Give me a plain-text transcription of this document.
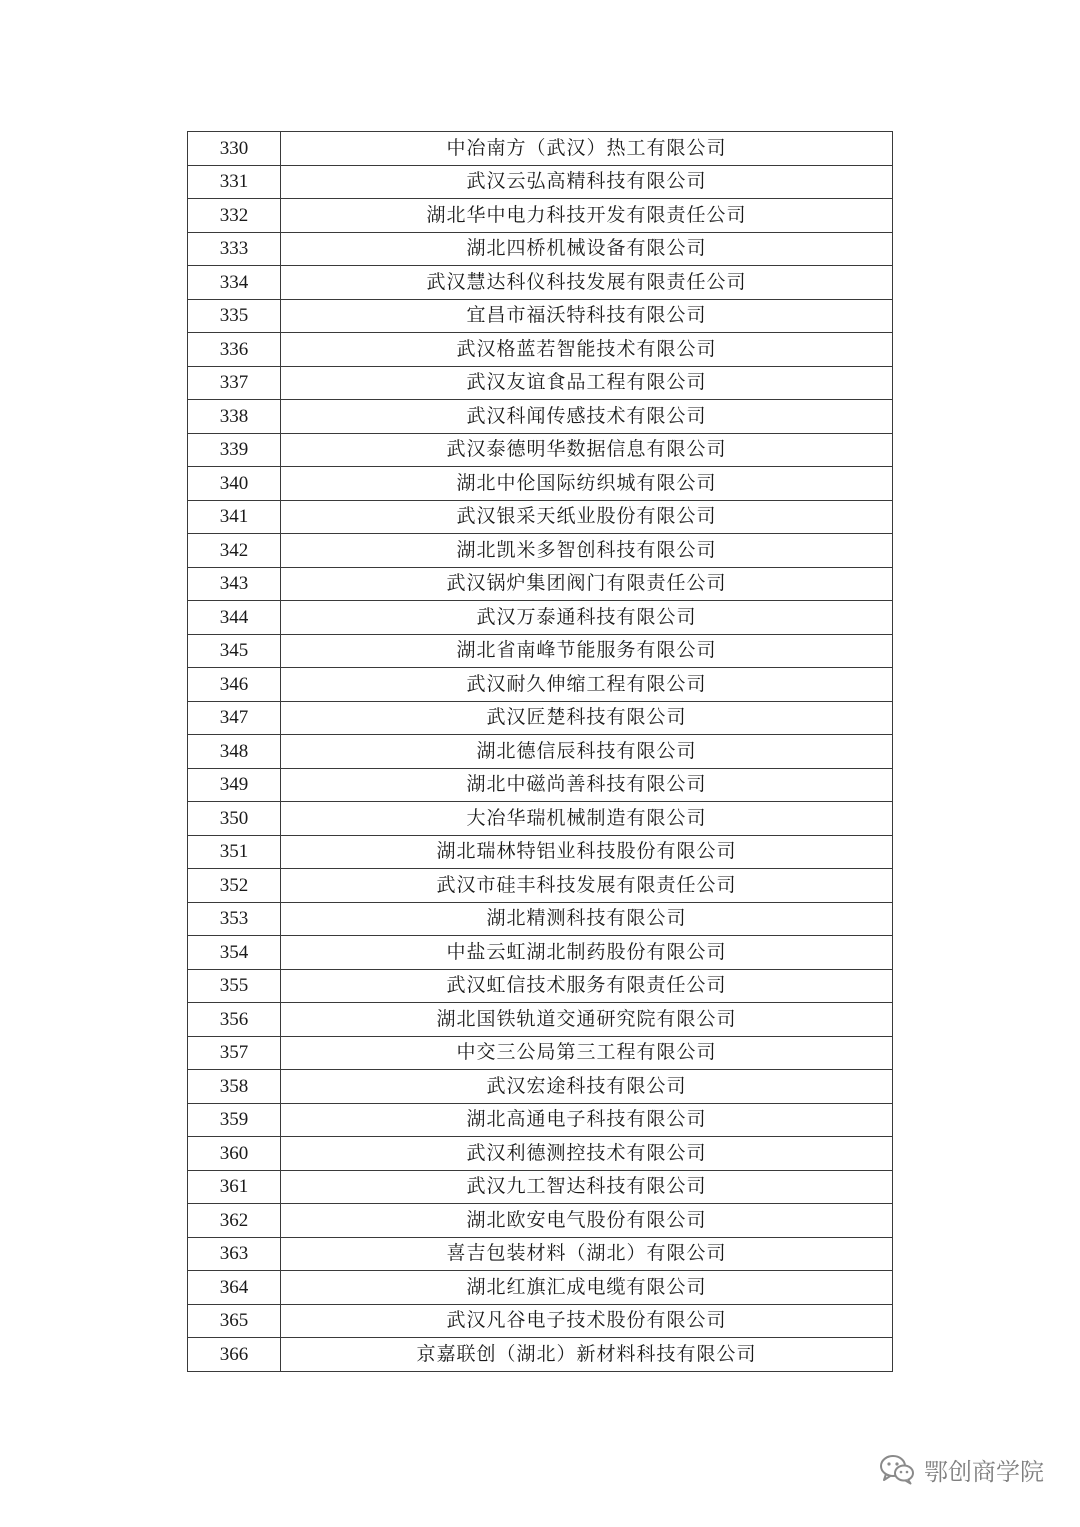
330	中冶南方（武汉）热工有限公司
331	武汉云弘高精科技有限公司
332	湖北华中电力科技开发有限责任公司
333	湖北四桥机械设备有限公司
334	武汉慧达科仪科技发展有限责任公司
335	宜昌市福沃特科技有限公司
336	武汉格蓝若智能技术有限公司
337	武汉友谊食品工程有限公司
338	武汉科闻传感技术有限公司
339	武汉泰德明华数据信息有限公司
340	湖北中伦国际纺织城有限公司
341	武汉银采天纸业股份有限公司
342	湖北凯米多智创科技有限公司
343	武汉锅炉集团阀门有限责任公司
344	武汉万泰通科技有限公司
345	湖北省南峰节能服务有限公司
346	武汉耐久伸缩工程有限公司
347	武汉匠楚科技有限公司
348	湖北德信辰科技有限公司
349	湖北中磁尚善科技有限公司
350	大冶华瑞机械制造有限公司
351	湖北瑞林特铝业科技股份有限公司
352	武汉市硅丰科技发展有限责任公司
353	湖北精测科技有限公司
354	中盐云虹湖北制药股份有限公司
355	武汉虹信技术服务有限责任公司
356	湖北国铁轨道交通研究院有限公司
357	中交三公局第三工程有限公司
358	武汉宏途科技有限公司
359	湖北高通电子科技有限公司
360	武汉利德测控技术有限公司
361	武汉九工智达科技有限公司
362	湖北欧安电气股份有限公司
363	喜吉包装材料（湖北）有限公司
364	湖北红旗汇成电缆有限公司
365	武汉凡谷电子技术股份有限公司
366	京嘉联创（湖北）新材料科技有限公司
鄂创商学院
